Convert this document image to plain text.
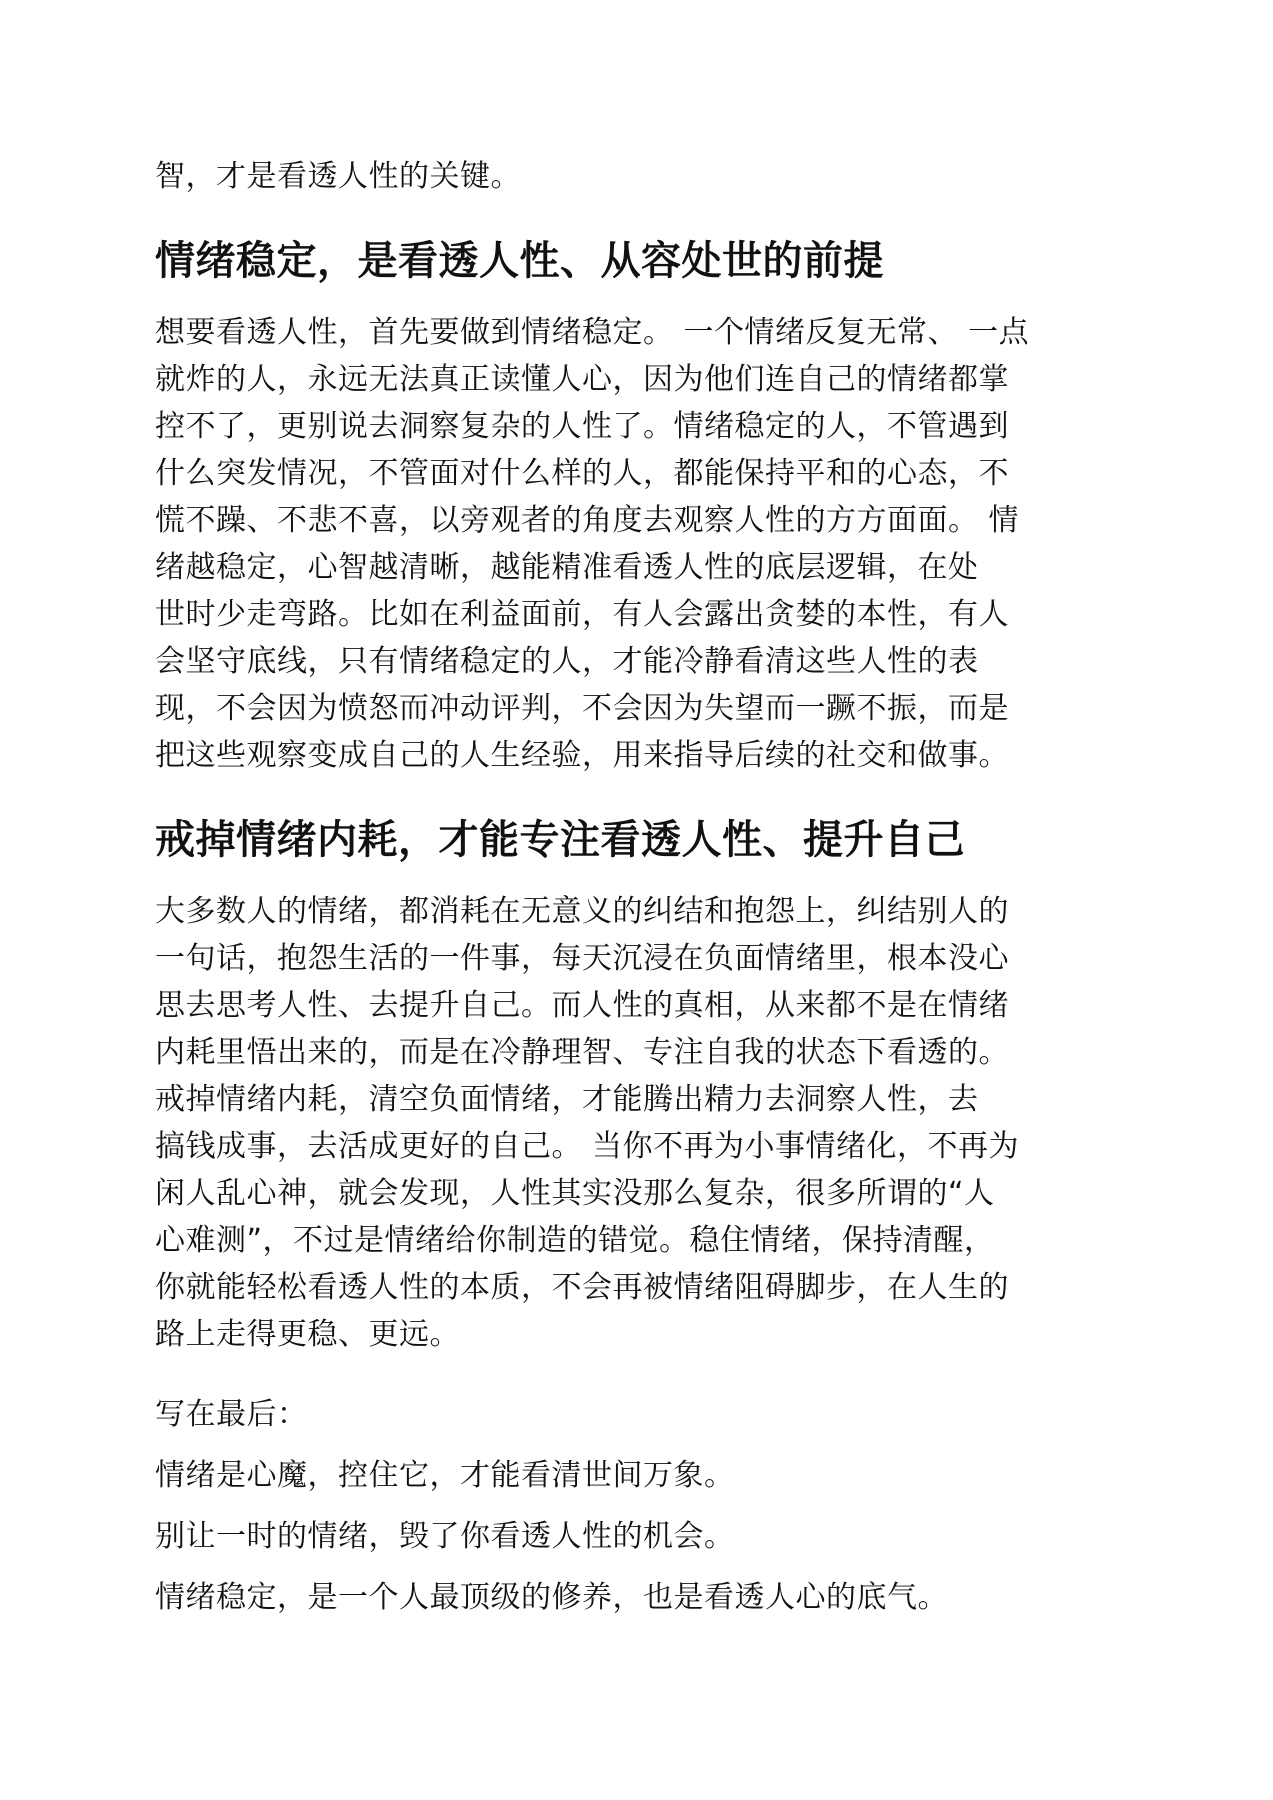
智，才是看透人性的关键。
情绪稳定，是看透人性、从容处世的前提
想要看透人性，首先要做到情绪稳定。 一个情绪反复无常、 一点
就炸的人，永远无法真正读懂人心，因为他们连自己的情绪都掌
控不了，更别说去洞察复杂的人性了。情绪稳定的人，不管遇到
什么突发情况，不管面对什么样的人，都能保持平和的心态，不
慌不躁、不悲不喜，以旁观者的角度去观察人性的方方面面。 情
绪越稳定，心智越清晰，越能精准看透人性的底层逻辑，在处
世时少走弯路。比如在利益面前，有人会露出贪婪的本性，有人
会坚守底线，只有情绪稳定的人，才能冷静看清这些人性的表
现，不会因为愤怒而冲动评判，不会因为失望而一蹶不振，而是
把这些观察变成自己的人生经验，用来指导后续的社交和做事。
戒掉情绪内耗，才能专注看透人性、提升自己
大多数人的情绪，都消耗在无意义的纠结和抱怨上，纠结别人的
一句话，抱怨生活的一件事，每天沉浸在负面情绪里，根本没心
思去思考人性、去提升自己。而人性的真相，从来都不是在情绪
内耗里悟出来的，而是在冷静理智、专注自我的状态下看透的。
戒掉情绪内耗，清空负面情绪，才能腾出精力去洞察人性，去
搞钱成事，去活成更好的自己。 当你不再为小事情绪化，不再为
闲人乱心神，就会发现，人性其实没那么复杂，很多所谓的“人
心难测”，不过是情绪给你制造的错觉。稳住情绪，保持清醒，
你就能轻松看透人性的本质，不会再被情绪阻碍脚步，在人生的
路上走得更稳、更远。
写在最后：
情绪是心魔，控住它，才能看清世间万象。
别让一时的情绪，毁了你看透人性的机会。
情绪稳定，是一个人最顶级的修养，也是看透人心的底气。
